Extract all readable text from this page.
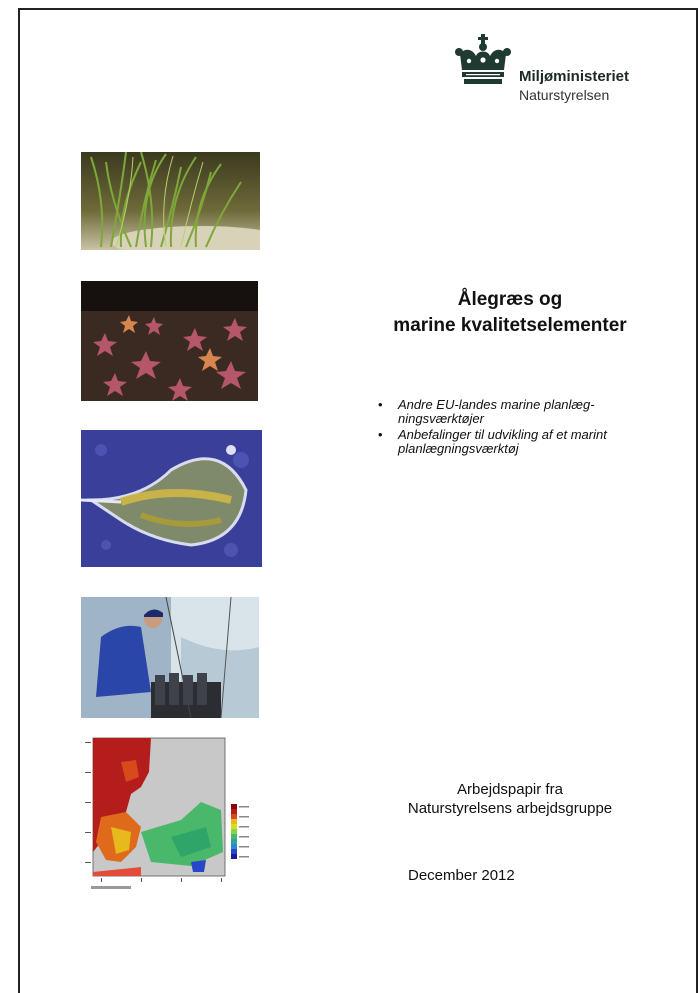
Miljøministeriet
Naturstyrelsen
Ålegræs og
marine kvalitetselementer
• Andre EU-landes marine planlæg-ningsværktøjer
• Anbefalinger til udvikling af et marint planlægningsværktøj
Arbejdspapir fra
Naturstyrelsens arbejdsgruppe
December 2012
